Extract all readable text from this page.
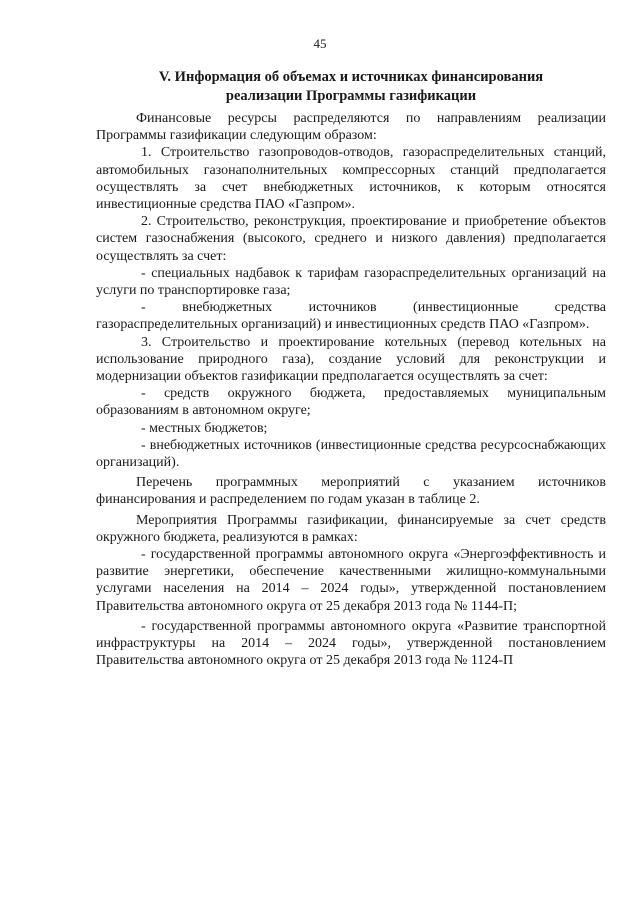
45
V. Информация об объемах и источниках финансирования
реализации Программы газификации

Финансовые ресурсы распределяются по направлениям реализации Программы газификации следующим образом:

1. Строительство газопроводов-отводов, газораспределительных станций, автомобильных газонаполнительных компрессорных станций предполагается осуществлять за счет внебюджетных источников, к которым относятся инвестиционные средства ПАО «Газпром».

2. Строительство, реконструкция, проектирование и приобретение объектов систем газоснабжения (высокого, среднего и низкого давления) предполагается осуществлять за счет:

- специальных надбавок к тарифам газораспределительных организаций на услуги по транспортировке газа;

- внебюджетных источников (инвестиционные средства газораспределительных организаций) и инвестиционных средств ПАО «Газпром».

3. Строительство и проектирование котельных (перевод котельных на использование природного газа), создание условий для реконструкции и модернизации объектов газификации предполагается осуществлять за счет:

- средств окружного бюджета, предоставляемых муниципальным образованиям в автономном округе;

- местных бюджетов;

- внебюджетных источников (инвестиционные средства ресурсоснабжающих организаций).

Перечень программных мероприятий с указанием источников финансирования и распределением по годам указан в таблице 2.

Мероприятия Программы газификации, финансируемые за счет средств окружного бюджета, реализуются в рамках:

- государственной программы автономного округа «Энергоэффективность и развитие энергетики, обеспечение качественными жилищно-коммунальными услугами населения на 2014 – 2024 годы», утвержденной постановлением Правительства автономного округа от 25 декабря 2013 года № 1144-П;

- государственной программы автономного округа «Развитие транспортной инфраструктуры на 2014 – 2024 годы», утвержденной постановлением Правительства автономного округа от 25 декабря 2013 года № 1124-П
